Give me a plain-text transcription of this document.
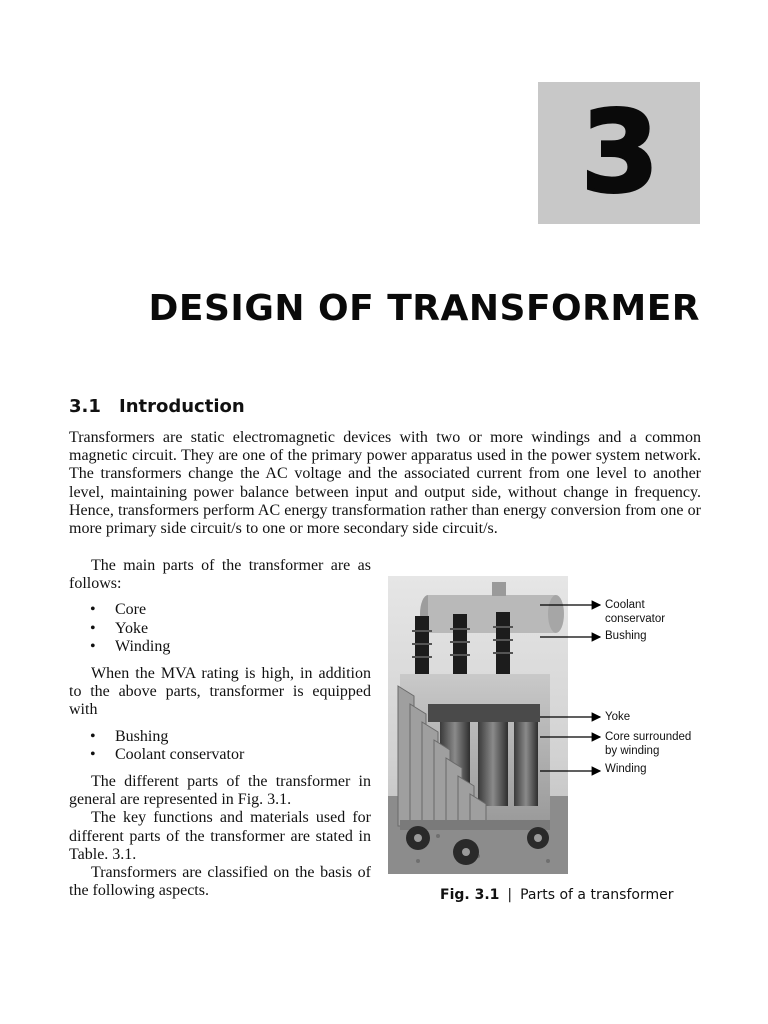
3
DESIGN OF TRANSFORMER
3.1 Introduction

Transformers are static electromagnetic devices with two or more windings and a common magnetic circuit. They are one of the primary power apparatus used in the power system network. The transformers change the AC voltage and the associated current from one level to another level, maintaining power balance between input and output side, without change in frequency. Hence, transformers perform AC energy transformation rather than energy conversion from one or more primary side circuit/s to one or more secondary side circuit/s.

The main parts of the transformer are as follows:

• Core
• Yoke
• Winding

When the MVA rating is high, in addition to the above parts, transformer is equipped with

• Bushing
• Coolant conservator

The different parts of the transformer in general are represented in Fig. 3.1.

The key functions and materials used for different parts of the transformer are stated in Table. 3.1.

Transformers are classified on the basis of the following aspects.

Coolant
conservator
Bushing
Yoke
Core surrounded
by winding
Winding
Fig. 3.1 | Parts of a transformer
